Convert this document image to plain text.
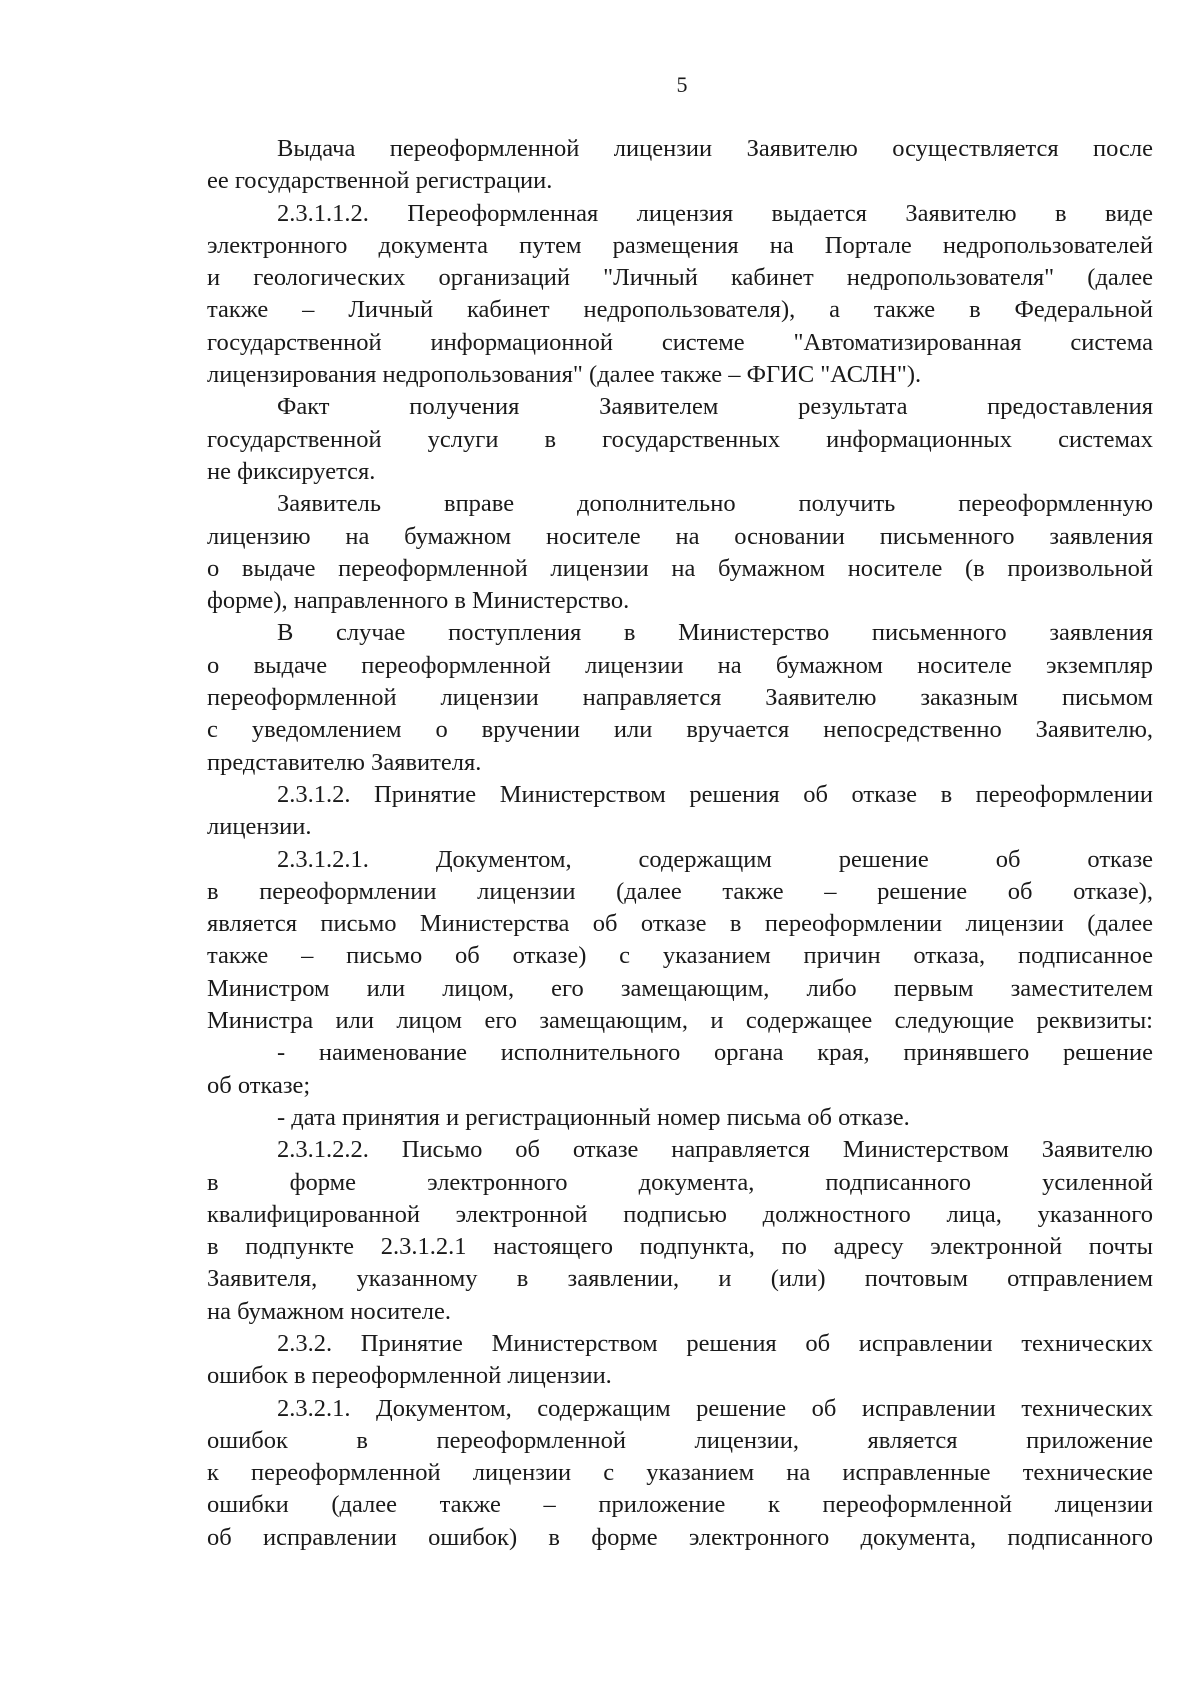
5
Выдача переоформленной лицензии Заявителю осуществляется после
ее государственной регистрации.
2.3.1.1.2. Переоформленная лицензия выдается Заявителю в виде
электронного документа путем размещения на Портале недропользователей
и геологических организаций "Личный кабинет недропользователя" (далее
также – Личный кабинет недропользователя), а также в Федеральной
государственной информационной системе "Автоматизированная система
лицензирования недропользования" (далее также – ФГИС "АСЛН").
Факт получения Заявителем результата предоставления
государственной услуги в государственных информационных системах
не фиксируется.
Заявитель вправе дополнительно получить переоформленную
лицензию на бумажном носителе на основании письменного заявления
о выдаче переоформленной лицензии на бумажном носителе (в произвольной
форме), направленного в Министерство.
В случае поступления в Министерство письменного заявления
о выдаче переоформленной лицензии на бумажном носителе экземпляр
переоформленной лицензии направляется Заявителю заказным письмом
с уведомлением о вручении или вручается непосредственно Заявителю,
представителю Заявителя.
2.3.1.2. Принятие Министерством решения об отказе в переоформлении
лицензии.
2.3.1.2.1. Документом, содержащим решение об отказе
в переоформлении лицензии (далее также – решение об отказе),
является письмо Министерства об отказе в переоформлении лицензии (далее
также – письмо об отказе) с указанием причин отказа, подписанное
Министром или лицом, его замещающим, либо первым заместителем
Министра или лицом его замещающим, и содержащее следующие реквизиты:
- наименование исполнительного органа края, принявшего решение
об отказе;
- дата принятия и регистрационный номер письма об отказе.
2.3.1.2.2. Письмо об отказе направляется Министерством Заявителю
в форме электронного документа, подписанного усиленной
квалифицированной электронной подписью должностного лица, указанного
в подпункте 2.3.1.2.1 настоящего подпункта, по адресу электронной почты
Заявителя, указанному в заявлении, и (или) почтовым отправлением
на бумажном носителе.
2.3.2. Принятие Министерством решения об исправлении технических
ошибок в переоформленной лицензии.
2.3.2.1. Документом, содержащим решение об исправлении технических
ошибок в переоформленной лицензии, является приложение
к переоформленной лицензии с указанием на исправленные технические
ошибки (далее также – приложение к переоформленной лицензии
об исправлении ошибок) в форме электронного документа, подписанного
